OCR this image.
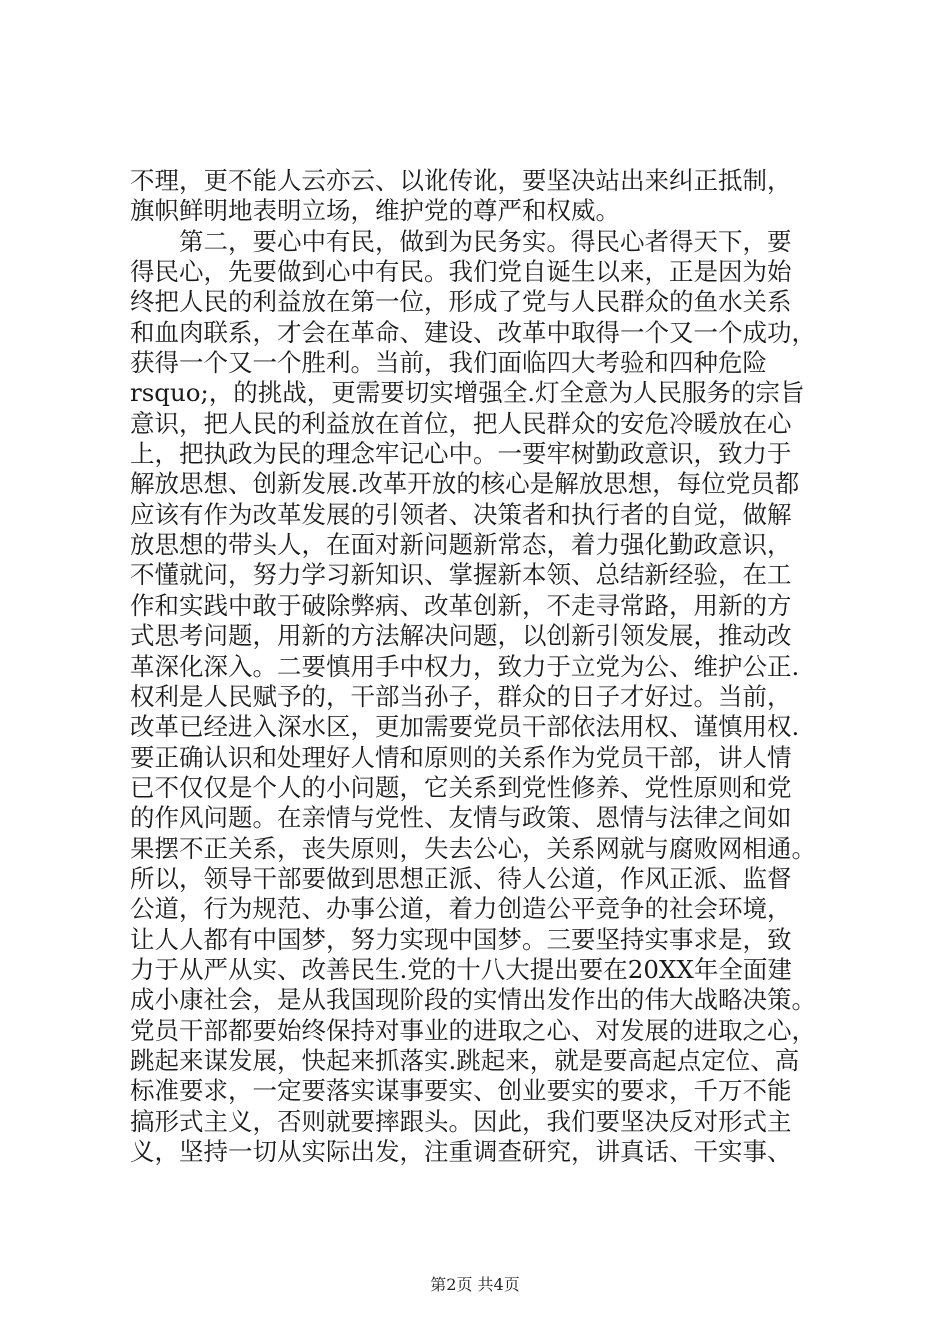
不理，更不能人云亦云、以讹传讹，要坚决站出来纠正抵制，
旗帜鲜明地表明立场，维护党的尊严和权威。
　　第二，要心中有民，做到为民务实。得民心者得天下，要
得民心，先要做到心中有民。我们党自诞生以来，正是因为始
终把人民的利益放在第一位，形成了党与人民群众的鱼水关系
和血肉联系，才会在革命、建设、改革中取得一个又一个成功，
获得一个又一个胜利。当前，我们面临四大考验和四种危险
rsquo;，的挑战，更需要切实增强全.灯全意为人民服务的宗旨
意识，把人民的利益放在首位，把人民群众的安危冷暖放在心
上，把执政为民的理念牢记心中。一要牢树勤政意识，致力于
解放思想、创新发展.改革开放的核心是解放思想，每位党员都
应该有作为改革发展的引领者、决策者和执行者的自觉，做解
放思想的带头人，在面对新问题新常态，着力强化勤政意识，
不懂就问，努力学习新知识、掌握新本领、总结新经验，在工
作和实践中敢于破除弊病、改革创新，不走寻常路，用新的方
式思考问题，用新的方法解决问题，以创新引领发展，推动改
革深化深入。二要慎用手中权力，致力于立党为公、维护公正.
权利是人民赋予的，干部当孙子，群众的日子才好过。当前，
改革已经进入深水区，更加需要党员干部依法用权、谨慎用权.
要正确认识和处理好人情和原则的关系作为党员干部，讲人情
已不仅仅是个人的小问题，它关系到党性修养、党性原则和党
的作风问题。在亲情与党性、友情与政策、恩情与法律之间如
果摆不正关系，丧失原则，失去公心，关系网就与腐败网相通。
所以，领导干部要做到思想正派、待人公道，作风正派、监督
公道，行为规范、办事公道，着力创造公平竞争的社会环境，
让人人都有中国梦，努力实现中国梦。三要坚持实事求是，致
力于从严从实、改善民生.党的十八大提出要在20XX年全面建
成小康社会，是从我国现阶段的实情出发作出的伟大战略决策。
党员干部都要始终保持对事业的进取之心、对发展的进取之心，
跳起来谋发展，快起来抓落实.跳起来，就是要高起点定位、高
标准要求，一定要落实谋事要实、创业要实的要求，千万不能
搞形式主义，否则就要摔跟头。因此，我们要坚决反对形式主
义，坚持一切从实际出发，注重调查研究，讲真话、干实事、
第2页 共4页
